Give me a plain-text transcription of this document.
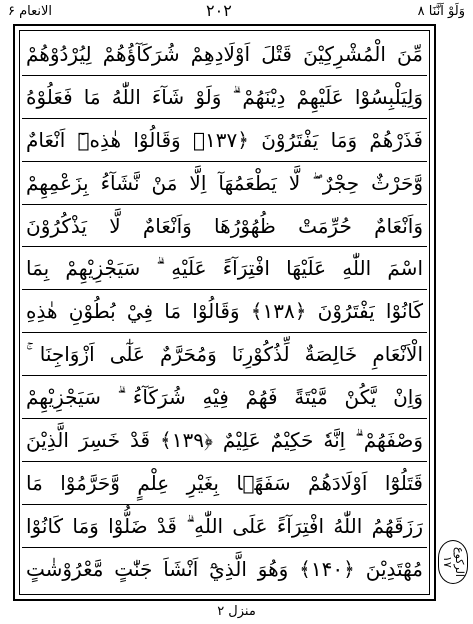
وَلَوْ اَنَّنَا ۸
۲۰۲
الانعام ۶
مِّنَ الْمُشْرِكِيْنَ قَتْلَ اَوْلَادِهِمْ شُرَكَآؤُهُمْ لِيُرْدُوْهُمْ
وَلِيَلْبِسُوْا عَلَيْهِمْ دِيْنَهُمْ ۗ وَلَوْ شَآءَ اللّٰهُ مَا فَعَلُوْهُ
فَذَرْهُمْ وَمَا يَفْتَرُوْنَ ﴿۱۳۷﴾ وَقَالُوْا هٰذِهٖٓ اَنْعَامٌ
وَّحَرْثٌ حِجْرٌ ۖ لَّا يَطْعَمُهَآ اِلَّا مَنْ نَّشَآءُ بِزَعْمِهِمْ
وَاَنْعَامٌ حُرِّمَتْ ظُهُوْرُهَا وَاَنْعَامٌ لَّا يَذْكُرُوْنَ
اسْمَ اللّٰهِ عَلَيْهَا افْتِرَآءً عَلَيْهِ ۗ سَيَجْزِيْهِمْ بِمَا
كَانُوْا يَفْتَرُوْنَ ﴿۱۳۸﴾ وَقَالُوْا مَا فِيْ بُطُوْنِ هٰذِهِ
الْاَنْعَامِ خَالِصَةٌ لِّذُكُوْرِنَا وَمُحَرَّمٌ عَلٰٓى اَزْوَاجِنَا ۚ
وَاِنْ يَّكُنْ مَّيْتَةً فَهُمْ فِيْهِ شُرَكَآءُ ۗ سَيَجْزِيْهِمْ
وَصْفَهُمْ ۗ اِنَّهٗ حَكِيْمٌ عَلِيْمٌ ﴿۱۳۹﴾ قَدْ خَسِرَ الَّذِيْنَ
قَتَلُوْٓا اَوْلَادَهُمْ سَفَهًۢا بِغَيْرِ عِلْمٍ وَّحَرَّمُوْا مَا
رَزَقَهُمُ اللّٰهُ افْتِرَآءً عَلَى اللّٰهِ ۗ قَدْ ضَلُّوْا وَمَا كَانُوْا
مُهْتَدِيْنَ ﴿۱۴۰﴾ وَهُوَ الَّذِيْٓ اَنْشَاَ جَنّٰتٍ مَّعْرُوْشٰتٍ	الرکوع ۱۷
منزل ۲
